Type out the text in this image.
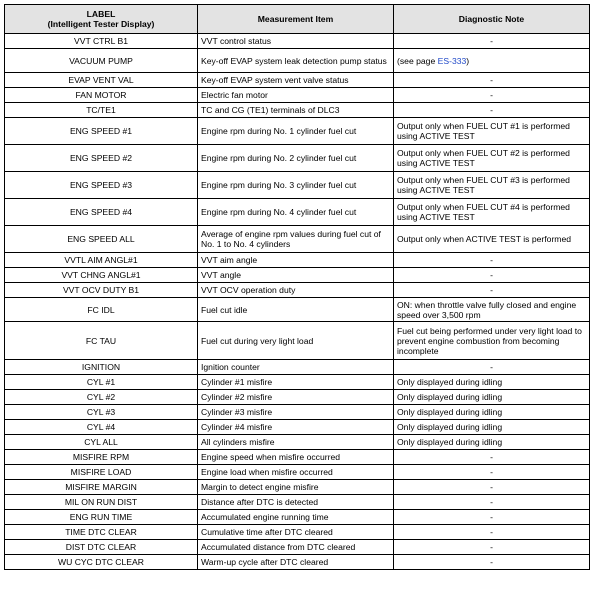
LABEL
(Intelligent Tester Display)	Measurement Item	Diagnostic Note
VVT CTRL B1	VVT control status	-
VACUUM PUMP	Key-off EVAP system leak detection pump status	(see page ES-333)
EVAP VENT VAL	Key-off EVAP system vent valve status	-
FAN MOTOR	Electric fan motor	-
TC/TE1	TC and CG (TE1) terminals of DLC3	-
ENG SPEED #1	Engine rpm during No. 1 cylinder fuel cut	Output only when FUEL CUT #1 is performed using ACTIVE TEST
ENG SPEED #2	Engine rpm during No. 2 cylinder fuel cut	Output only when FUEL CUT #2 is performed using ACTIVE TEST
ENG SPEED #3	Engine rpm during No. 3 cylinder fuel cut	Output only when FUEL CUT #3 is performed using ACTIVE TEST
ENG SPEED #4	Engine rpm during No. 4 cylinder fuel cut	Output only when FUEL CUT #4 is performed using ACTIVE TEST
ENG SPEED ALL	Average of engine rpm values during fuel cut of No. 1 to No. 4 cylinders	Output only when ACTIVE TEST is performed
VVTL AIM ANGL#1	VVT aim angle	-
VVT CHNG ANGL#1	VVT angle	-
VVT OCV DUTY B1	VVT OCV operation duty	-
FC IDL	Fuel cut idle	ON: when throttle valve fully closed and engine speed over 3,500 rpm
FC TAU	Fuel cut during very light load	Fuel cut being performed under very light load to prevent engine combustion from becoming incomplete
IGNITION	Ignition counter	-
CYL #1	Cylinder #1 misfire	Only displayed during idling
CYL #2	Cylinder #2 misfire	Only displayed during idling
CYL #3	Cylinder #3 misfire	Only displayed during idling
CYL #4	Cylinder #4 misfire	Only displayed during idling
CYL ALL	All cylinders misfire	Only displayed during idling
MISFIRE RPM	Engine speed when misfire occurred	-
MISFIRE LOAD	Engine load when misfire occurred	-
MISFIRE MARGIN	Margin to detect engine misfire	-
MIL ON RUN DIST	Distance after DTC is detected	-
ENG RUN TIME	Accumulated engine running time	-
TIME DTC CLEAR	Cumulative time after DTC cleared	-
DIST DTC CLEAR	Accumulated distance from DTC cleared	-
WU CYC DTC CLEAR	Warm-up cycle after DTC cleared	-
